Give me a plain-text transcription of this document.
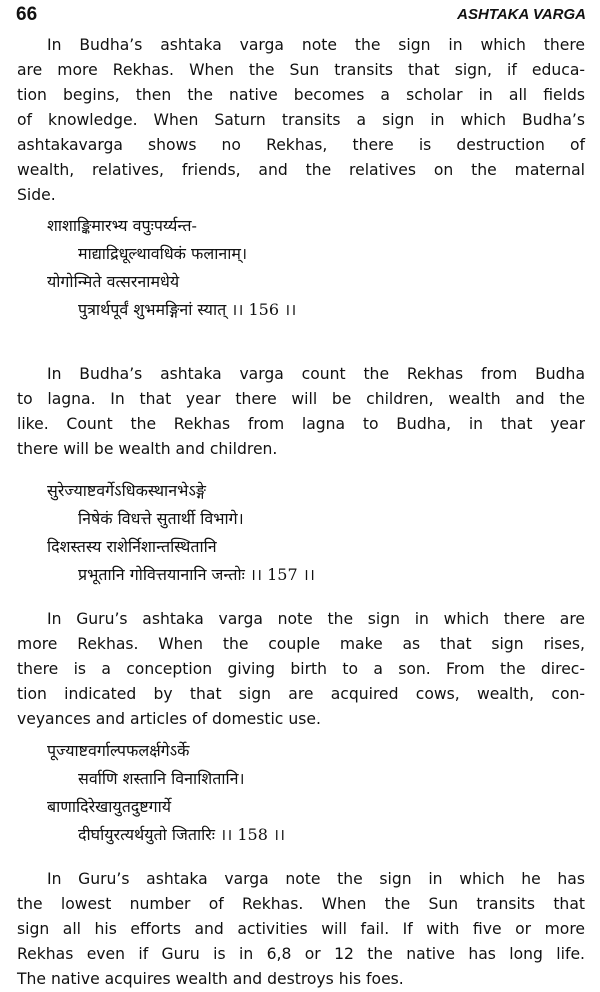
66	ASHTAKA VARGA
In Budha’s ashtaka varga note the sign in which there
are more Rekhas. When the Sun transits that sign, if educa-
tion begins, then the native becomes a scholar in all fields
of knowledge. When Saturn transits a sign in which Budha’s
ashtakavarga shows no Rekhas, there is destruction of
wealth, relatives, friends, and the relatives on the maternal
Side.
शाशाङ्किमारभ्य वपुःपर्य्यन्त-
माद्याद्रिधूल्थावधिकं फलानाम्।
योगोन्मिते वत्सरनामधेये
पुत्रार्थपूर्वं शुभमङ्गिनां स्यात् ।। 156 ।।
In Budha’s ashtaka varga count the Rekhas from Budha
to lagna. In that year there will be children, wealth and the
like. Count the Rekhas from lagna to Budha, in that year
there will be wealth and children.
सुरेज्याष्टवर्गेऽधिकस्थानभेऽङ्गे
निषेकं विधत्ते सुतार्थी विभागे।
दिशस्तस्य राशेर्निशान्तस्थितानि
प्रभूतानि गोवित्तयानानि जन्तोः ।। 157 ।।
In Guru’s ashtaka varga note the sign in which there are
more Rekhas. When the couple make as that sign rises,
there is a conception giving birth to a son. From the direc-
tion indicated by that sign are acquired cows, wealth, con-
veyances and articles of domestic use.
पूज्याष्टवर्गाल्पफलर्क्षगेऽर्के
सर्वाणि शस्तानि विनाशितानि।
बाणादिरेखायुतदुष्टगार्ये
दीर्घायुरत्यर्थयुतो जितारिः ।। 158 ।।
In Guru’s ashtaka varga note the sign in which he has
the lowest number of Rekhas. When the Sun transits that
sign all his efforts and activities will fail. If with five or more
Rekhas even if Guru is in 6,8 or 12 the native has long life.
The native acquires wealth and destroys his foes.
